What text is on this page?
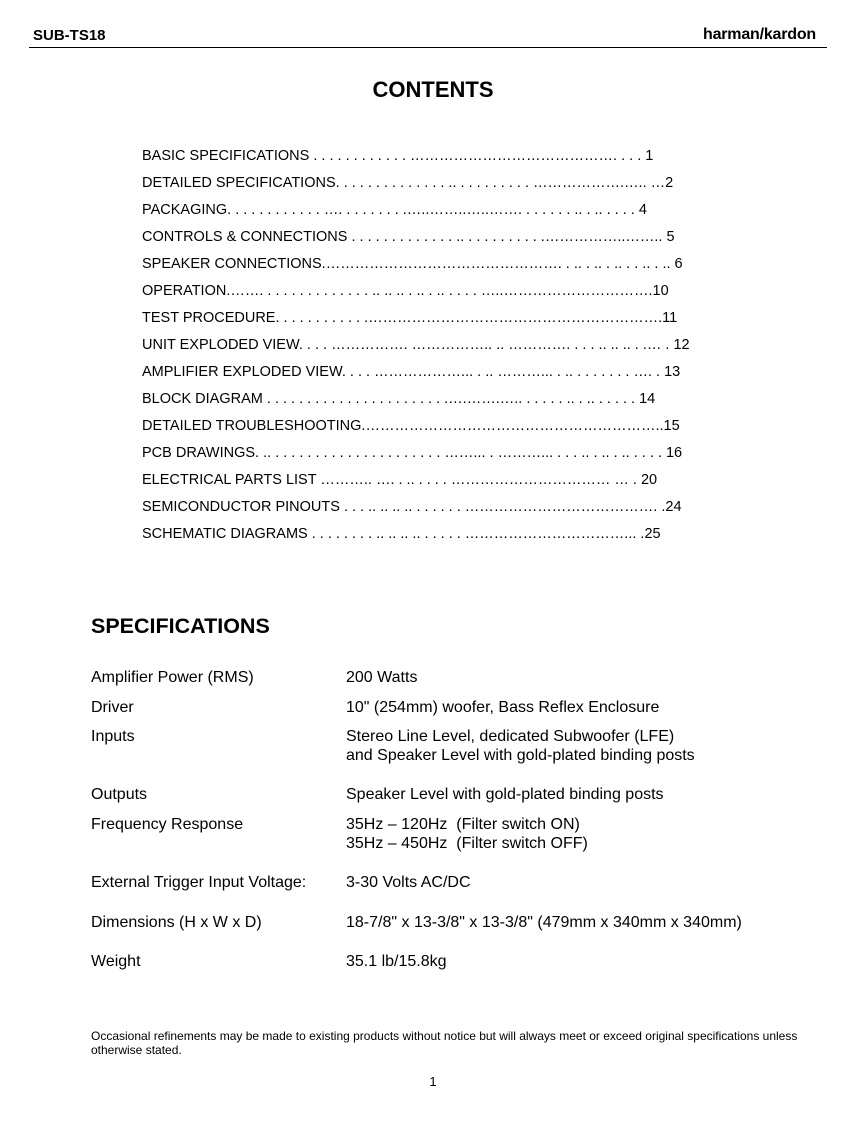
SUB-TS18	harman/kardon
CONTENTS
BASIC SPECIFICATIONS . . . . . . . . . . . . ……………………………………. . . . 1
DETAILED SPECIFICATIONS. . . . . . . . . . . . . . .. . . . . . . . . . ……………….….. …2
PACKAGING. . . . . . . . . . . . …. . . . . . . . .…..……..…..……. . . . . . . .. . .. . . . . 4
CONTROLS & CONNECTIONS . . . . . . . . . . . . . .. . . . . . . . . . .……………..…….. 5
SPEAKER CONNECTIONS.…………………………………………. . .. . .. . .. . . .. . .. 6
OPERATION.……. . . . . . . . . . . . . . .. .. .. . .. . .. . . . . …..………………………….10
TEST PROCEDURE. . . . . . . . . . . .…………………………………………………….11
UNIT EXPLODED VIEW. . . . ……………. …………….. .. …………. . . . .. .. .. . .… . 12
AMPLIFIER EXPLODED VIEW. . . . ………………... . .. ………... . .. . . . . . . . …. . 13
BLOCK DIAGRAM . . . . . . . . . . . . . . . . . . . . . . .….…….….. . . . . . .. . .. . . . . . 14
DETAILED TROUBLESHOOTING.……………………………………………………..15
PCB DRAWINGS. .. . . . . . . . . . . . . . . . . . . . . . ……... . ………... . . . .. . .. . .. . . . . 16
ELECTRICAL PARTS LIST ……….. …. . .. . . . . …………………………… … . 20
SEMICONDUCTOR PINOUTS . . . .. .. .. .. . . . . . . …………………………………. .24
SCHEMATIC DIAGRAMS . . . . . . . . .. .. .. .. . . . . . ……………………………... .25
SPECIFICATIONS
Amplifier Power (RMS)	200 Watts
Driver	10" (254mm) woofer, Bass Reflex Enclosure
Inputs	Stereo Line Level, dedicated Subwoofer (LFE)
and Speaker Level with gold-plated binding posts
Outputs	Speaker Level with gold-plated binding posts
Frequency Response	35Hz – 120Hz  (Filter switch ON)
35Hz – 450Hz  (Filter switch OFF)
External Trigger Input Voltage: 3-30 Volts AC/DC
Dimensions (H x W x D)	18-7/8" x 13-3/8" x 13-3/8" (479mm x 340mm x 340mm)
Weight	35.1 lb/15.8kg
Occasional refinements may be made to existing products without notice but will always meet or exceed original specifications unless otherwise stated.
1
